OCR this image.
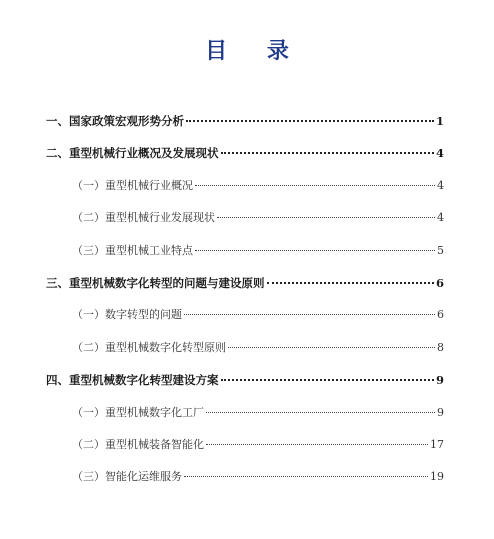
目 录
一、国家政策宏观形势分析	1
二、重型机械行业概况及发展现状	4
（一）重型机械行业概况	4
（二）重型机械行业发展现状	4
（三）重型机械工业特点	5
三、重型机械数字化转型的问题与建设原则	6
（一）数字转型的问题	6
（二）重型机械数字化转型原则	8
四、重型机械数字化转型建设方案	9
（一）重型机械数字化工厂	9
（二）重型机械装备智能化	17
（三）智能化运维服务	19
